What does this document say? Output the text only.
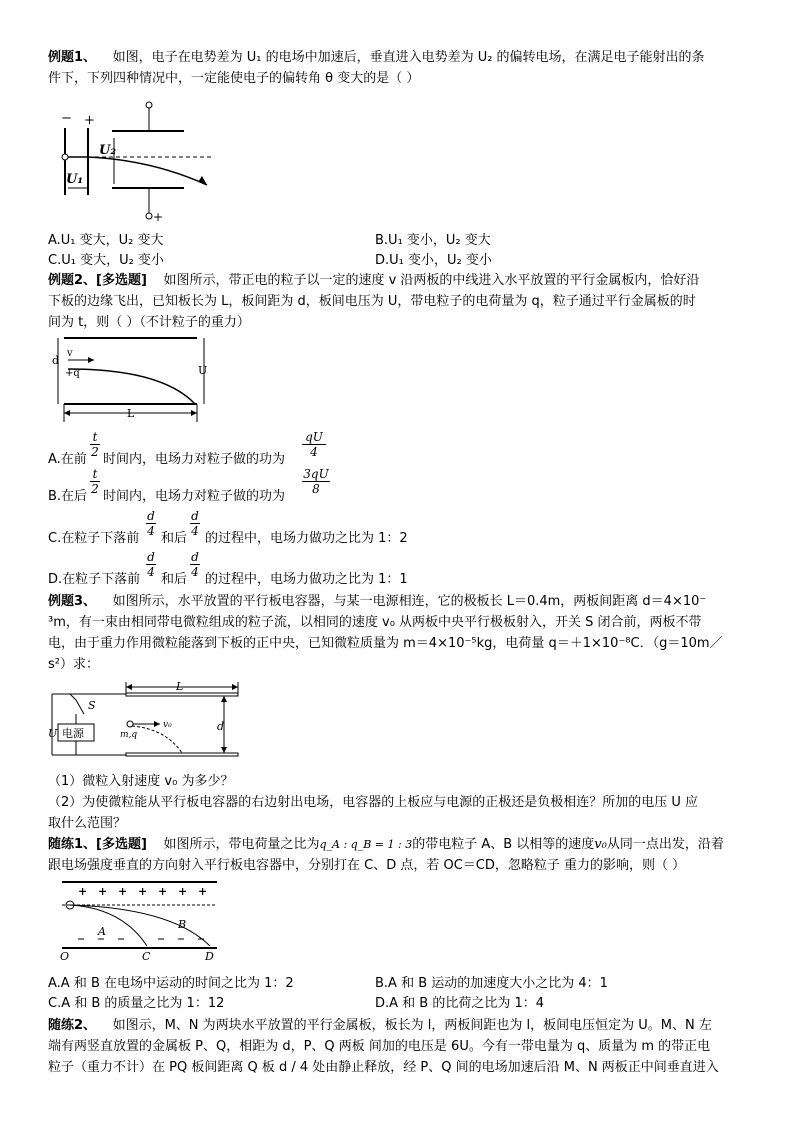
例题1、 如图，电子在电势差为 U₁ 的电场中加速后，垂直进入电势差为 U₂ 的偏转电场，在满足电子能射出的条
件下，下列四种情况中，一定能使电子的偏转角 θ 变大的是（ ）
− +
U₁
+
U₂
A.U₁ 变大，U₂ 变大	B.U₁ 变小，U₂ 变大
C.U₁ 变大，U₂ 变小	D.U₁ 变小，U₂ 变小
例题2、[多选题] 如图所示，带正电的粒子以一定的速度 v 沿两板的中线进入水平放置的平行金属板内，恰好沿
下板的边缘飞出，已知板长为 L，板间距为 d，板间电压为 U，带电粒子的电荷量为 q，粒子通过平行金属板的时
间为 t，则（ ）（不计粒子的重力）
d
v
+q	U
L
A.在前
$\frac{t}{2}$
时间内，电场力对粒子做的功为
$\frac{qU}{4}$
B.在后
$\frac{t}{2}$
时间内，电场力对粒子做的功为
$\frac{3qU}{8}$
C.在粒子下落前
$\frac{d}{4}$
和后
$\frac{d}{4}$
的过程中，电场力做功之比为 1：2
D.在粒子下落前
$\frac{d}{4}$
和后
$\frac{d}{4}$
的过程中，电场力做功之比为 1：1
例题3、 如图所示，水平放置的平行板电容器，与某一电源相连，它的极板长 L＝0.4m，两板间距离 d＝4×10⁻
³m，有一束由相同带电微粒组成的粒子流，以相同的速度 v₀ 从两板中央平行极板射入，开关 S 闭合前，两板不带
电，由于重力作用微粒能落到下板的正中央，已知微粒质量为 m＝4×10⁻⁵kg，电荷量 q＝＋1×10⁻⁸C．（g＝10m／
s²）求：
L
d
S
电源
U	m,q
v₀
（1）微粒入射速度 v₀ 为多少？
（2）为使微粒能从平行板电容器的右边射出电场，电容器的上板应与电源的正极还是负极相连？所加的电压 U 应
取什么范围？
随练1、[多选题] 如图所示，带电荷量之比为q_A : q_B = 1 : 3的带电粒子 A、B 以相等的速度v₀从同一点出发，沿着
跟电场强度垂直的方向射入平行板电容器中，分别打在 C、D 点，若 OC＝CD，忽略粒子 重力的影响，则（ ）
+ + + + + + +
A
B
O	C	D
A.A 和 B 在电场中运动的时间之比为 1：2	B.A 和 B 运动的加速度大小之比为 4：1
C.A 和 B 的质量之比为 1：12	D.A 和 B 的比荷之比为 1：4
随练2、 如图示，M、N 为两块水平放置的平行金属板，板长为 l，两板间距也为 l，板间电压恒定为 U。M、N 左
端有两竖直放置的金属板 P、Q，相距为 d，P、Q 两板 间加的电压是 6U。今有一带电量为 q、质量为 m 的带正电
粒子（重力不计）在 PQ 板间距离 Q 板 d / 4 处由静止释放，经 P、Q 间的电场加速后沿 M、N 两板正中间垂直进入
